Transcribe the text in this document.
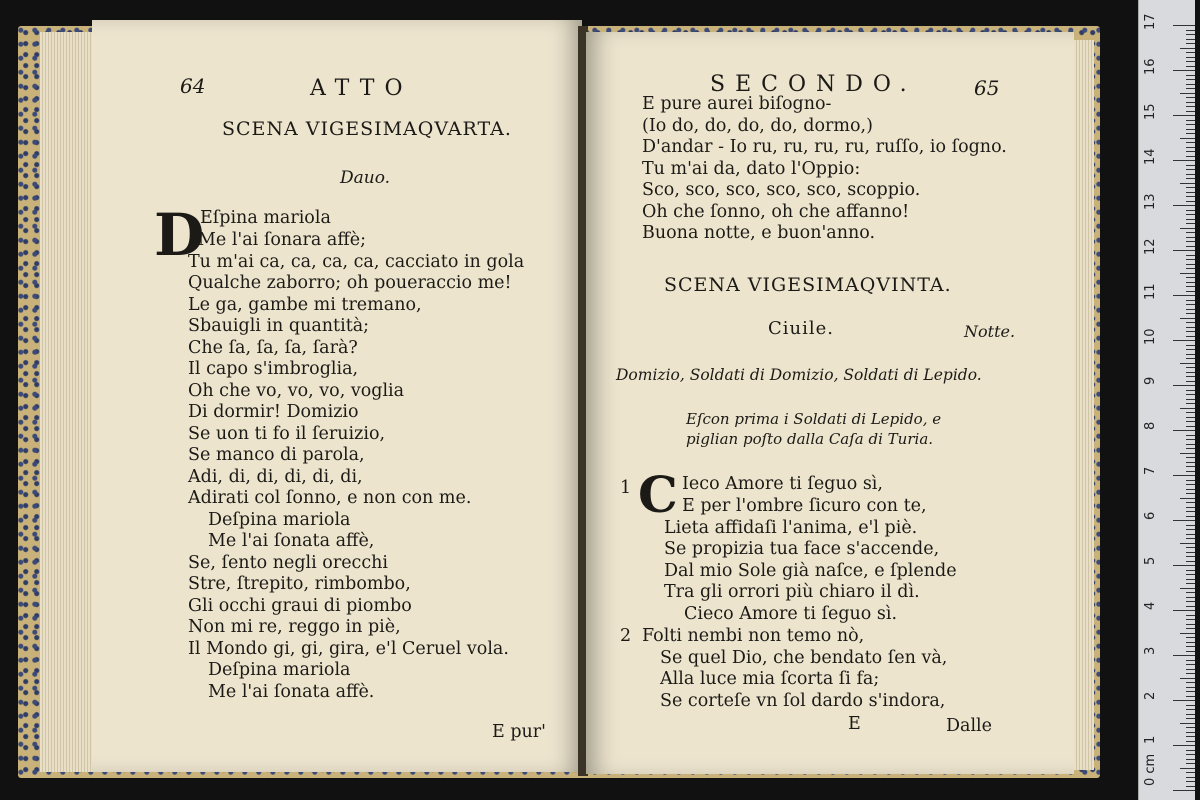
64	ATTO
SCENA VIGESIMAQVARTA.
Dauo.
D
Eſpina mariola
Me l'ai ſonara affè;
Tu m'ai ca, ca, ca, ca, cacciato in gola
Qualche zaborro; oh poueraccio me!
Le ga, gambe mi tremano,
Sbauigli in quantità;
Che ſa, ſa, ſa, ſarà?
Il capo s'imbroglia,
Oh che vo, vo, vo, voglia
Di dormir! Domizio
Se uon ti fo il ſeruizio,
Se manco di parola,
Adi, di, di, di, di, di,
Adirati col ſonno, e non con me.
Deſpina mariola
Me l'ai ſonata affè,
Se, ſento negli orecchi
Stre, ſtrepito, rimbombo,
Gli occhi graui di piombo
Non mi re, reggo in piè,
Il Mondo gi, gi, gira, e'l Ceruel vola.
Deſpina mariola
Me l'ai ſonata affè.
E pur'
SECONDO.	65
E pure aurei biſogno-
(Io do, do, do, do, dormo,)
D'andar - Io ru, ru, ru, ru, ruſſo, io ſogno.
Tu m'ai da, dato l'Oppio:
Sco, sco, sco, sco, sco, scoppio.
Oh che ſonno, oh che affanno!
Buona notte, e buon'anno.
SCENA VIGESIMAQVINTA.
Ciuile.	Notte.
Domizio, Soldati di Domizio, Soldati di Lepido.
Eſcon prima i Soldati di Lepido, e
piglian poſto dalla Caſa di Turia.
1 C Ieco Amore ti ſeguo sì,
E per l'ombre ſicuro con te,
Lieta affidaſi l'anima, e'l piè.
Se propizia tua face s'accende,
Dal mio Sole già naſce, e ſplende
Tra gli orrori più chiaro il dì.
Cieco Amore ti ſeguo sì.
2 Folti nembi non temo nò,
Se quel Dio, che bendato ſen và,
Alla luce mia ſcorta ſi fa;
Se corteſe vn ſol dardo s'indora,
E	Dalle
0 cm
1
2
3
4
5
6
7
8
9
10
11
12
13
14
15
16
17
